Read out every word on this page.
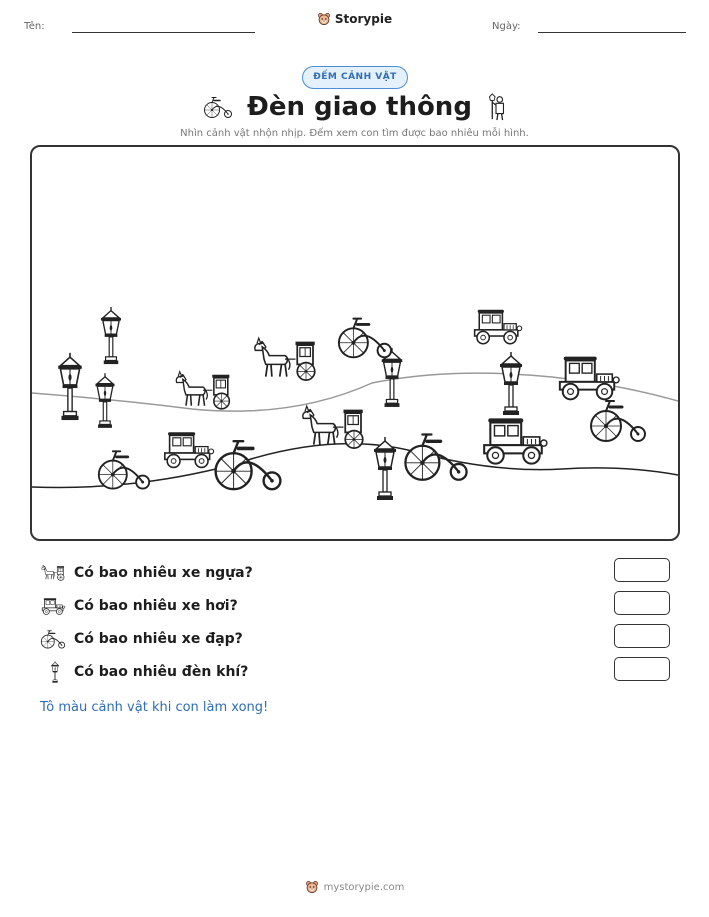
Tên:
Storypie
Ngày:
ĐẾM CẢNH VẬT
Đèn giao thông
Nhìn cảnh vật nhộn nhịp. Đếm xem con tìm được bao nhiêu mỗi hình.
Có bao nhiêu xe ngựa?
Có bao nhiêu xe hơi?
Có bao nhiêu xe đạp?
Có bao nhiêu đèn khí?
Tô màu cảnh vật khi con làm xong!
mystorypie.com
